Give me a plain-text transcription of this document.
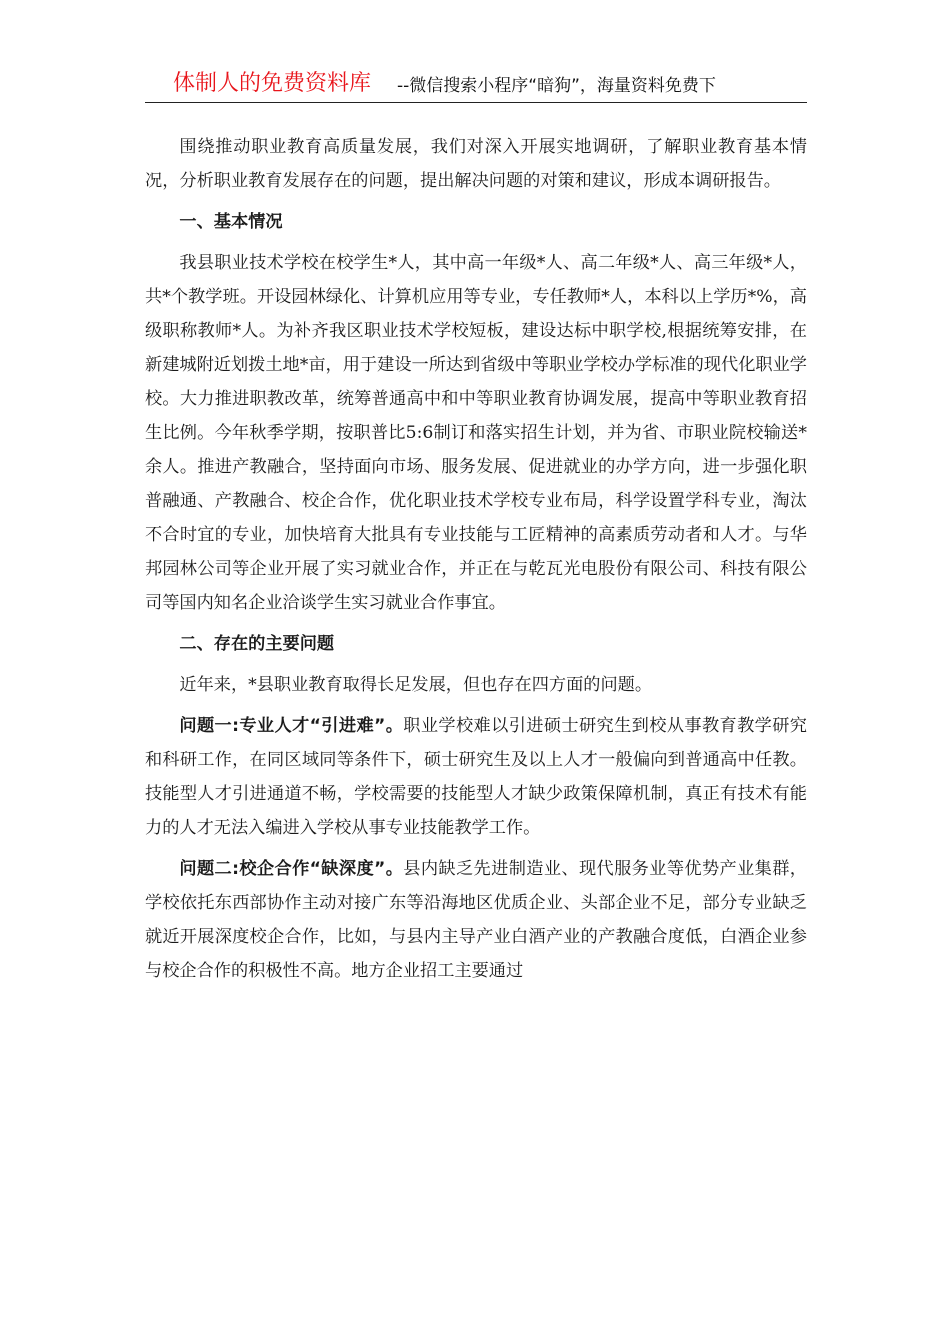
体制人的免费资料库 --微信搜索小程序“暗狗”，海量资料免费下

围绕推动职业教育高质量发展，我们对深入开展实地调研，了解职业教育基本情况，分析职业教育发展存在的问题，提出解决问题的对策和建议，形成本调研报告。

一、基本情况

我县职业技术学校在校学生*人，其中高一年级*人、高二年级*人、高三年级*人，共*个教学班。开设园林绿化、计算机应用等专业，专任教师*人，本科以上学历*%，高级职称教师*人。为补齐我区职业技术学校短板，建设达标中职学校,根据统筹安排，在新建城附近划拨土地*亩，用于建设一所达到省级中等职业学校办学标准的现代化职业学校。大力推进职教改革，统筹普通高中和中等职业教育协调发展，提高中等职业教育招生比例。今年秋季学期，按职普比5:6制订和落实招生计划，并为省、市职业院校输送*余人。推进产教融合，坚持面向市场、服务发展、促进就业的办学方向，进一步强化职普融通、产教融合、校企合作，优化职业技术学校专业布局，科学设置学科专业，淘汰不合时宜的专业，加快培育大批具有专业技能与工匠精神的高素质劳动者和人才。与华邦园林公司等企业开展了实习就业合作，并正在与乾瓦光电股份有限公司、科技有限公司等国内知名企业洽谈学生实习就业合作事宜。

二、存在的主要问题

近年来，*县职业教育取得长足发展，但也存在四方面的问题。

问题一:专业人才“引进难”。职业学校难以引进硕士研究生到校从事教育教学研究和科研工作，在同区域同等条件下，硕士研究生及以上人才一般偏向到普通高中任教。技能型人才引进通道不畅，学校需要的技能型人才缺少政策保障机制，真正有技术有能力的人才无法入编进入学校从事专业技能教学工作。

问题二:校企合作“缺深度”。县内缺乏先进制造业、现代服务业等优势产业集群，学校依托东西部协作主动对接广东等沿海地区优质企业、头部企业不足，部分专业缺乏就近开展深度校企合作，比如，与县内主导产业白酒产业的产教融合度低，白酒企业参与校企合作的积极性不高。地方企业招工主要通过
